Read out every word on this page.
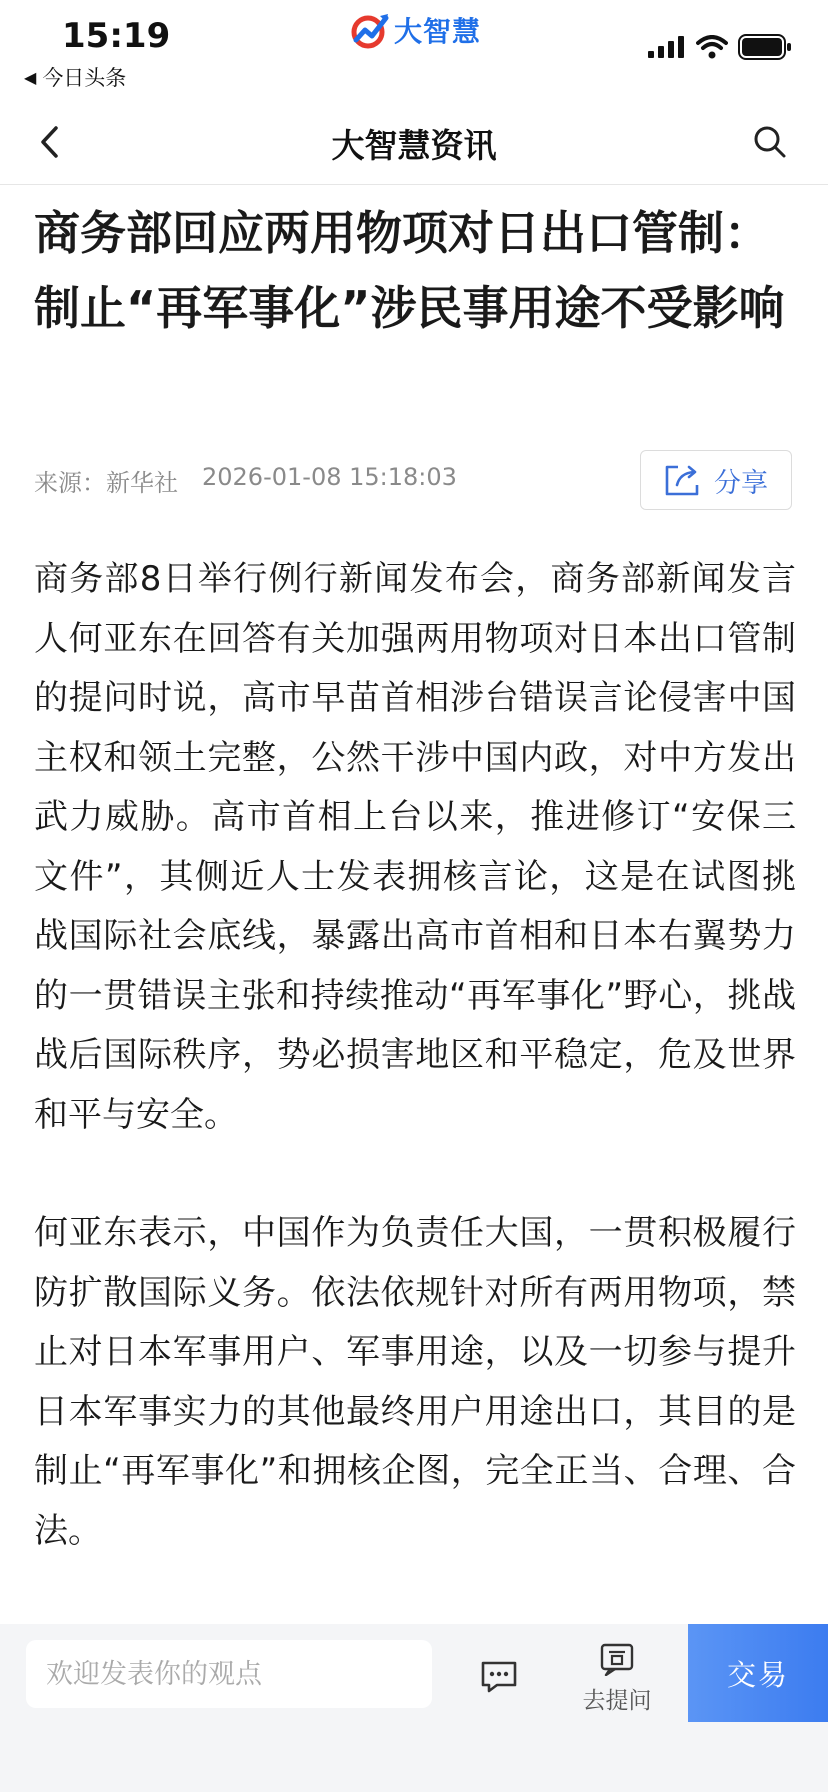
15:19
◀ 今日头条
大智慧
大智慧资讯
商务部回应两用物项对日出口管制：制止“再军事化”涉民事用途不受影响
来源：新华社 2026-01-08 15:18:03	分享

商务部8日举行例行新闻发布会，商务部新闻发言人何亚东在回答有关加强两用物项对日本出口管制的提问时说，高市早苗首相涉台错误言论侵害中国主权和领土完整，公然干涉中国内政，对中方发出武力威胁。高市首相上台以来，推进修订“安保三文件”，其侧近人士发表拥核言论，这是在试图挑战国际社会底线，暴露出高市首相和日本右翼势力的一贯错误主张和持续推动“再军事化”野心，挑战战后国际秩序，势必损害地区和平稳定，危及世界和平与安全。

何亚东表示，中国作为负责任大国，一贯积极履行防扩散国际义务。依法依规针对所有两用物项，禁止对日本军事用户、军事用途，以及一切参与提升日本军事实力的其他最终用户用途出口，其目的是制止“再军事化”和拥核企图，完全正当、合理、合法。

欢迎发表你的观点
去提问
交易
